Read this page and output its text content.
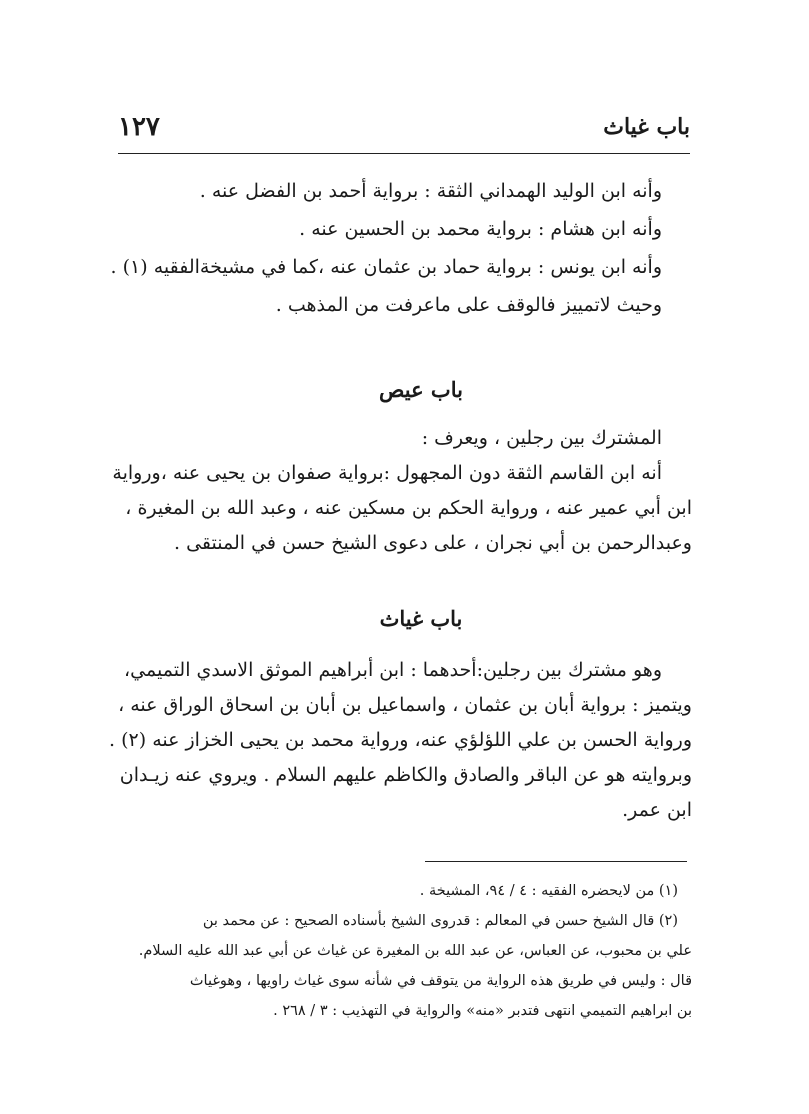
باب غياث
١٢٧
وأنه ابن الوليد الهمداني الثقة : برواية أحمد بن الفضل عنه .
وأنه ابن هشام : برواية محمد بن الحسين عنه .
وأنه ابن يونس : برواية حماد بن عثمان عنه ،كما في مشيخةالفقيه (١) .
وحيث لاتمييز فالوقف على ماعرفت من المذهب .
باب عيص
المشترك بين رجلين ، ويعرف :
أنه ابن القاسم الثقة دون المجهول :برواية صفوان بن يحيى عنه ،ورواية
ابن أبي عمير عنه ، ورواية الحكم بن مسكين عنه ، وعبد الله بن المغيرة ،
وعبدالرحمن بن أبي نجران ، على دعوى الشيخ حسن في المنتقى .
باب غياث
وهو مشترك بين رجلين:أحدهما : ابن أبراهيم الموثق الاسدي التميمي،
ويتميز : برواية أبان بن عثمان ، واسماعيل بن أبان بن اسحاق الوراق عنه ،
ورواية الحسن بن علي اللؤلؤي عنه، ورواية محمد بن يحيى الخزاز عنه (٢) .
وبروايته هو عن الباقر والصادق والكاظم عليهم السلام . ويروي عنه زيـدان
ابن عمر.
(١) من لايحضره الفقيه : ٤ / ٩٤، المشيخة .
(٢) قال الشيخ حسن في المعالم : قدروى الشيخ بأسناده الصحيح : عن محمد بن
علي بن محبوب، عن العباس، عن عبد الله بن المغيرة عن غياث عن أبي عبد الله عليه السلام.
قال : وليس في طريق هذه الرواية من يتوقف في شأنه سوى غياث راويها ، وهوغياث
بن ابراهيم التميمي انتهى فتدبر «منه» والرواية في التهذيب : ٣ / ٢٦٨ .
